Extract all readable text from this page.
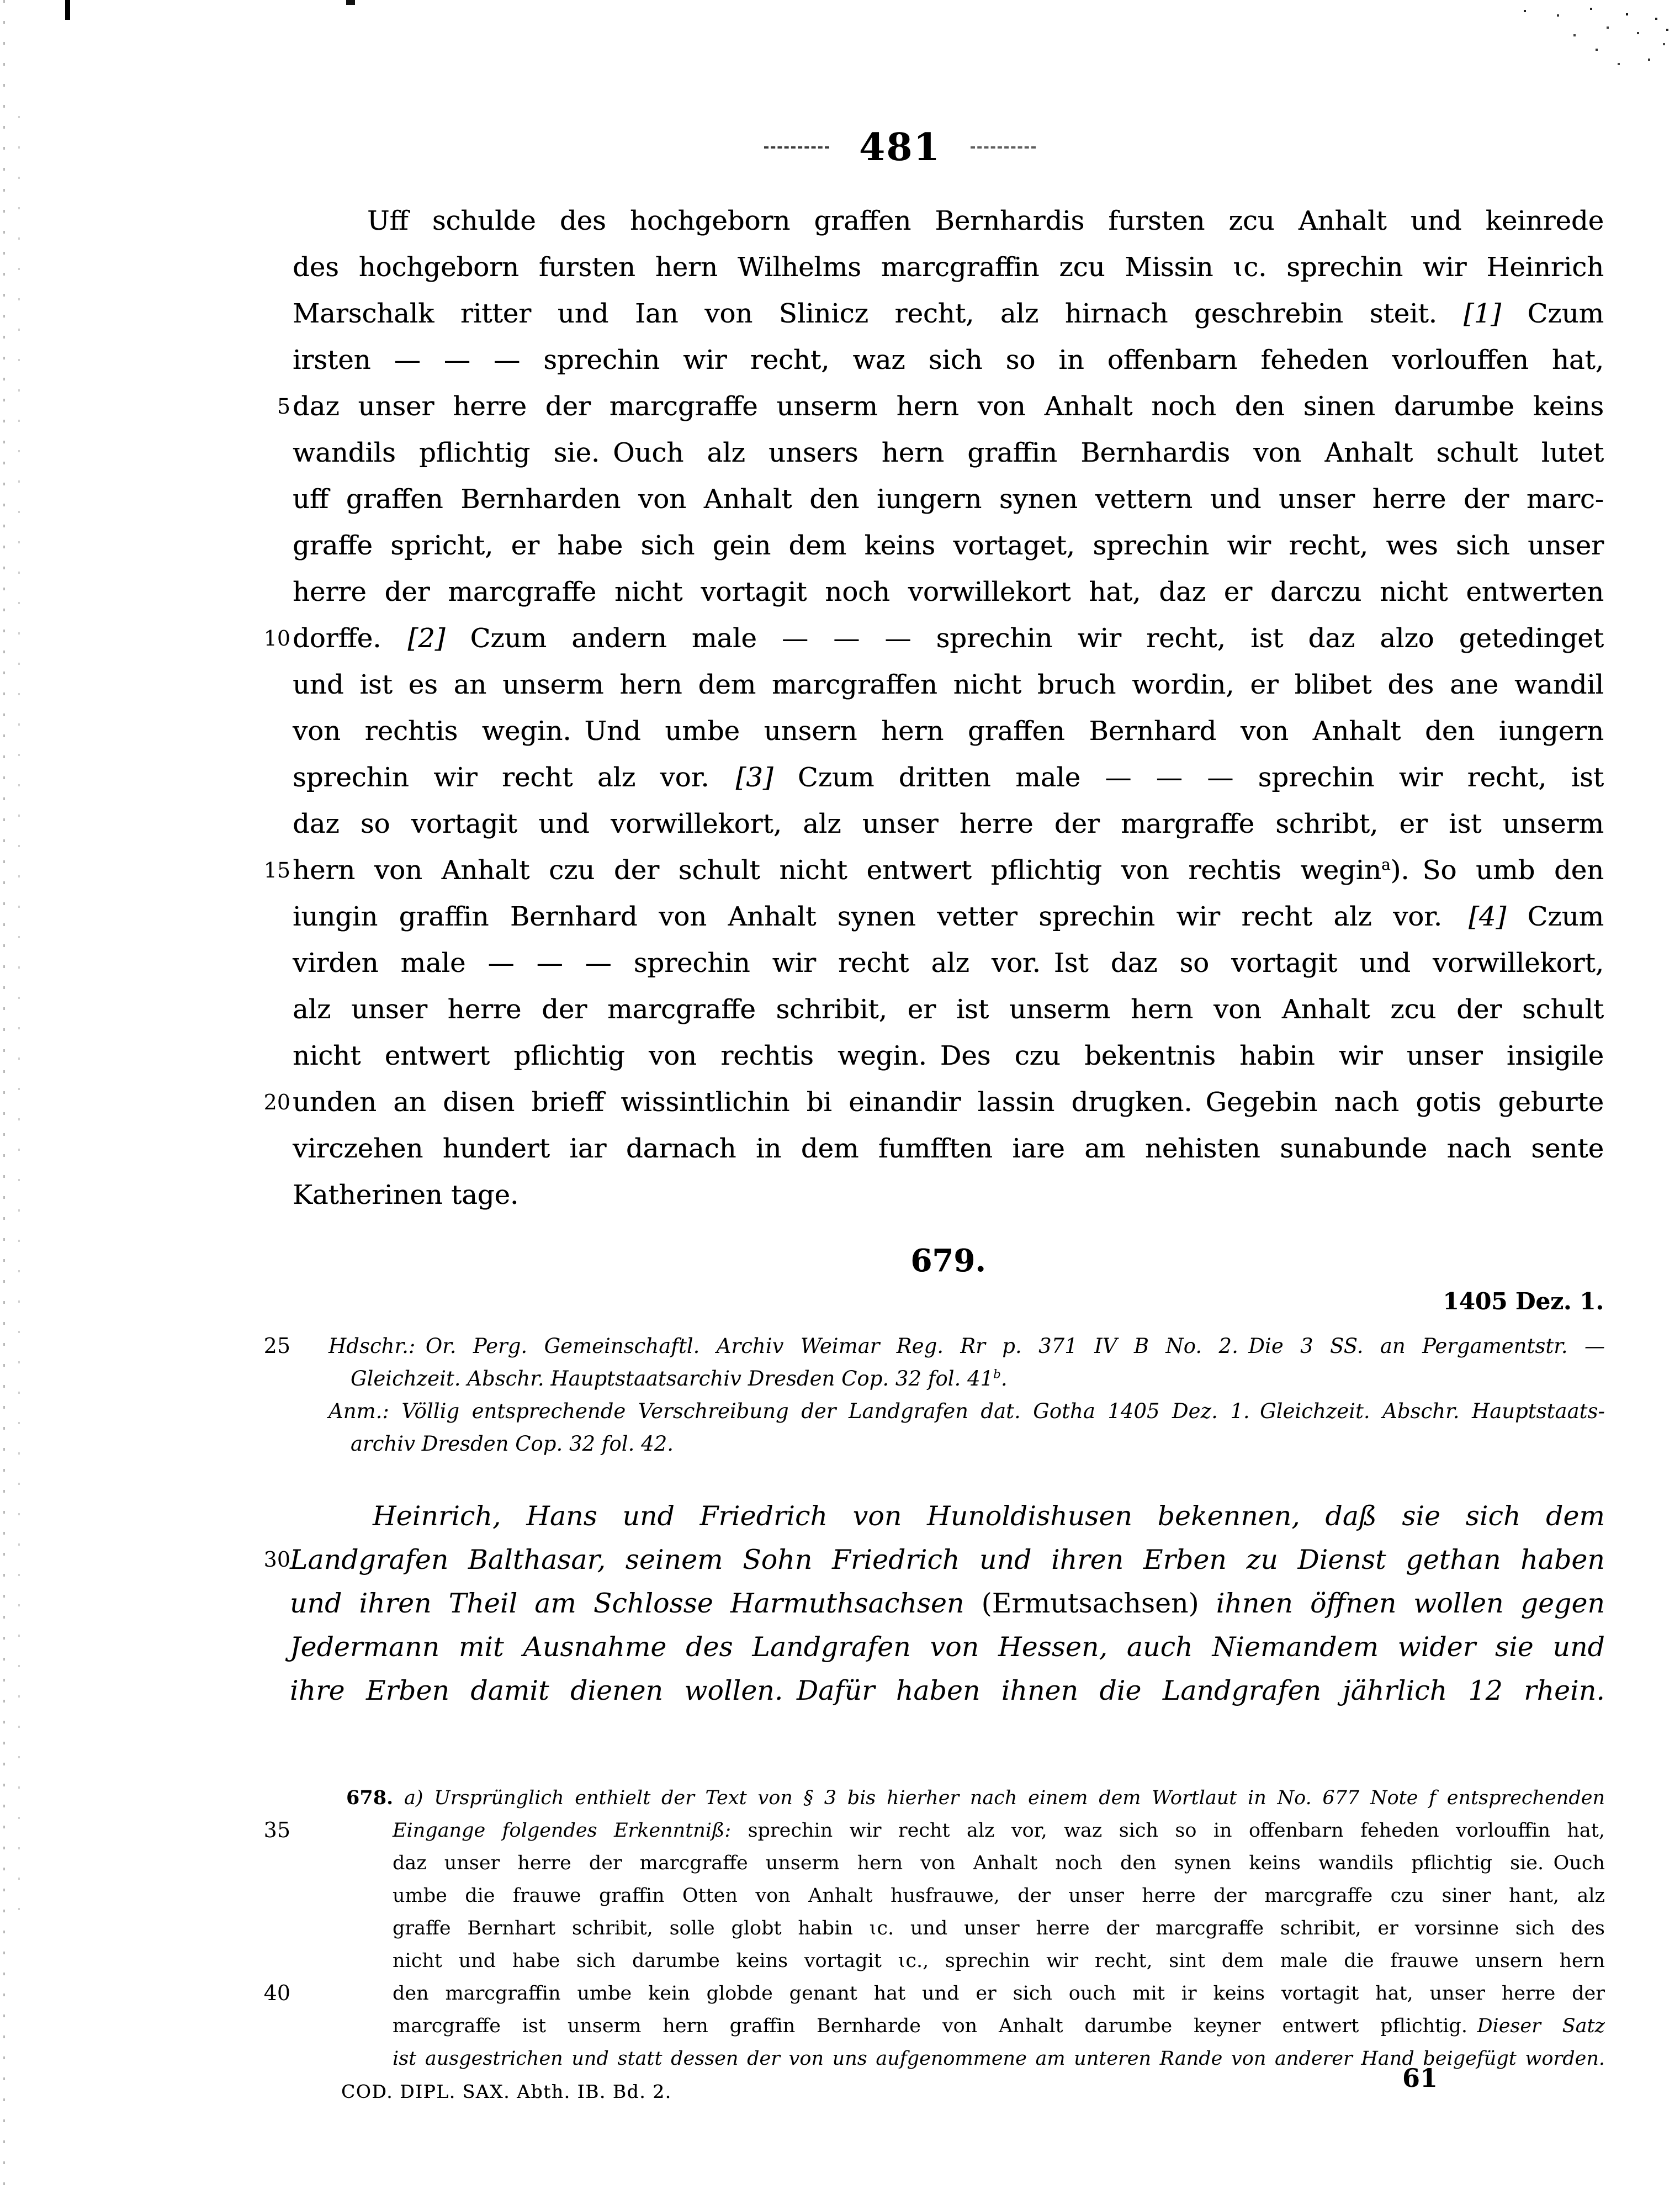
481
5
10
15
20
25
30
35
40
Uff schulde des hochgeborn graffen Bernhardis fursten zcu Anhalt und keinrede
des hochgeborn fursten hern Wilhelms marcgraffin zcu Missin ɩc. sprechin wir Heinrich
Marschalk ritter und Ian von Slinicz recht, alz hirnach geschrebin steit. [1] Czum
irsten — — — sprechin wir recht, waz sich so in offenbarn feheden vorlouffen hat,
daz unser herre der marcgraffe unserm hern von Anhalt noch den sinen darumbe keins
wandils pflichtig sie. Ouch alz unsers hern graffin Bernhardis von Anhalt schult lutet
uff graffen Bernharden von Anhalt den iungern synen vettern und unser herre der marc-
graffe spricht, er habe sich gein dem keins vortaget, sprechin wir recht, wes sich unser
herre der marcgraffe nicht vortagit noch vorwillekort hat, daz er darczu nicht entwerten
dorffe. [2] Czum andern male — — — sprechin wir recht, ist daz alzo getedinget
und ist es an unserm hern dem marcgraffen nicht bruch wordin, er blibet des ane wandil
von rechtis wegin. Und umbe unsern hern graffen Bernhard von Anhalt den iungern
sprechin wir recht alz vor. [3] Czum dritten male — — — sprechin wir recht, ist
daz so vortagit und vorwillekort, alz unser herre der margraffe schribt, er ist unserm
hern von Anhalt czu der schult nicht entwert pflichtig von rechtis wegin$^a$). So umb den
iungin graffin Bernhard von Anhalt synen vetter sprechin wir recht alz vor. [4] Czum
virden male — — — sprechin wir recht alz vor. Ist daz so vortagit und vorwillekort,
alz unser herre der marcgraffe schribit, er ist unserm hern von Anhalt zcu der schult
nicht entwert pflichtig von rechtis wegin. Des czu bekentnis habin wir unser insigile
unden an disen brieff wissintlichin bi einandir lassin drugken. Gegebin nach gotis geburte
virczehen hundert iar darnach in dem fumfften iare am nehisten sunabunde nach sente
Katherinen tage.
679.
1405 Dez. 1.
Hdschr.: Or. Perg. Gemeinschaftl. Archiv Weimar Reg. Rr p. 371 IV B No. 2. Die 3 SS. an Pergamentstr. —
Gleichzeit. Abschr. Hauptstaatsarchiv Dresden Cop. 32 fol. 41$^b$.
Anm.: Völlig entsprechende Verschreibung der Landgrafen dat. Gotha 1405 Dez. 1. Gleichzeit. Abschr. Hauptstaats-
archiv Dresden Cop. 32 fol. 42.
Heinrich, Hans und Friedrich von Hunoldishusen bekennen, daß sie sich dem
Landgrafen Balthasar, seinem Sohn Friedrich und ihren Erben zu Dienst gethan haben
und ihren Theil am Schlosse Harmuthsachsen (Ermutsachsen) ihnen öffnen wollen gegen
Jedermann mit Ausnahme des Landgrafen von Hessen, auch Niemandem wider sie und
ihre Erben damit dienen wollen. Dafür haben ihnen die Landgrafen jährlich 12 rhein.
678. a) Ursprünglich enthielt der Text von § 3 bis hierher nach einem dem Wortlaut in No. 677 Note f entsprechenden
Eingange folgendes Erkenntniß: sprechin wir recht alz vor, waz sich so in offenbarn feheden vorlouffin hat,
daz unser herre der marcgraffe unserm hern von Anhalt noch den synen keins wandils pflichtig sie. Ouch
umbe die frauwe graffin Otten von Anhalt husfrauwe, der unser herre der marcgraffe czu siner hant, alz
graffe Bernhart schribit, solle globt habin ɩc. und unser herre der marcgraffe schribit, er vorsinne sich des
nicht und habe sich darumbe keins vortagit ɩc., sprechin wir recht, sint dem male die frauwe unsern hern
den marcgraffin umbe kein globde genant hat und er sich ouch mit ir keins vortagit hat, unser herre der
marcgraffe ist unserm hern graffin Bernharde von Anhalt darumbe keyner entwert pflichtig. Dieser Satz
ist ausgestrichen und statt dessen der von uns aufgenommene am unteren Rande von anderer Hand beigefügt worden.
COD. DIPL. SAX. Abth. IB. Bd. 2.	61
